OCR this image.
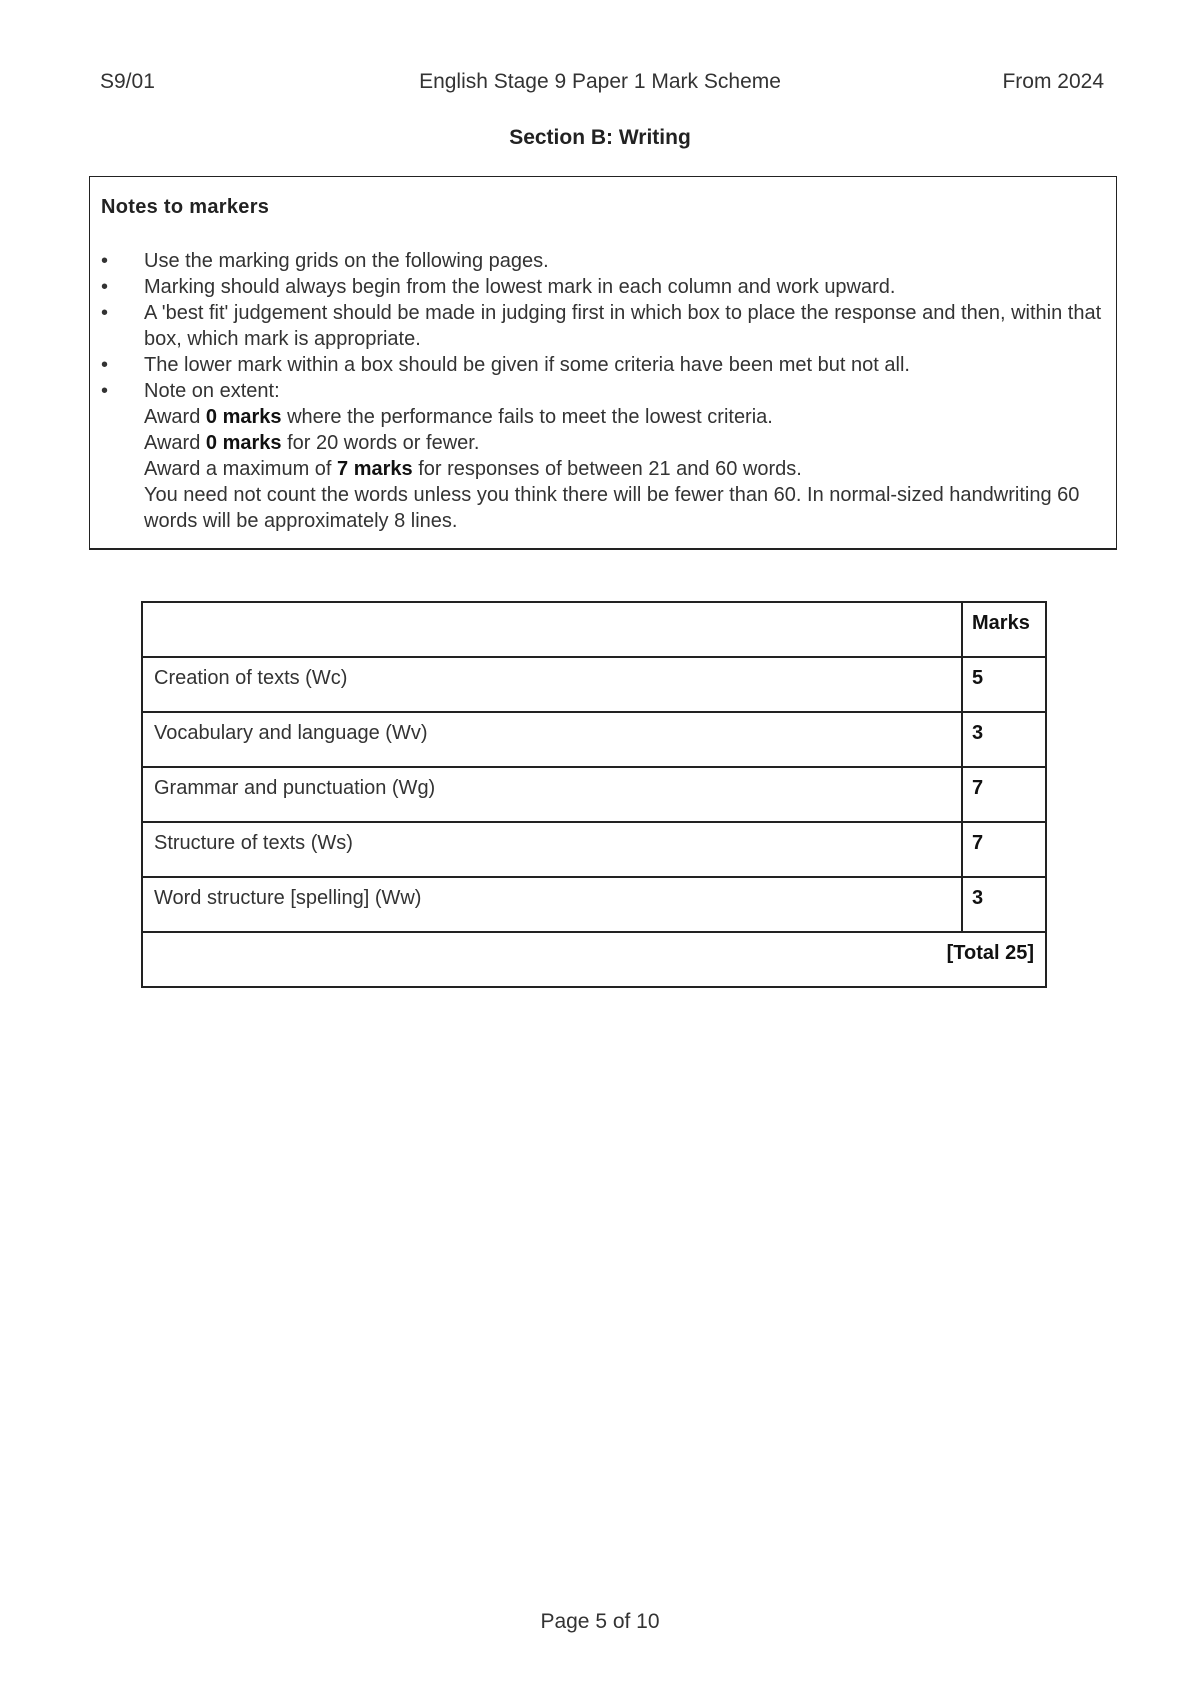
S9/01	English Stage 9 Paper 1 Mark Scheme	From 2024
Section B: Writing
Notes to markers
• Use the marking grids on the following pages.
• Marking should always begin from the lowest mark in each column and work upward.
• A 'best fit' judgement should be made in judging first in which box to place the response and then, within that box, which mark is appropriate.
• The lower mark within a box should be given if some criteria have been met but not all.
• Note on extent:
Award 0 marks where the performance fails to meet the lowest criteria.
Award 0 marks for 20 words or fewer.
Award a maximum of 7 marks for responses of between 21 and 60 words.
You need not count the words unless you think there will be fewer than 60. In normal-sized handwriting 60 words will be approximately 8 lines.
	Marks
Creation of texts (Wc)	5
Vocabulary and language (Wv)	3
Grammar and punctuation (Wg)	7
Structure of texts (Ws)	7
Word structure [spelling] (Ww)	3
[Total 25]	
Page 5 of 10
